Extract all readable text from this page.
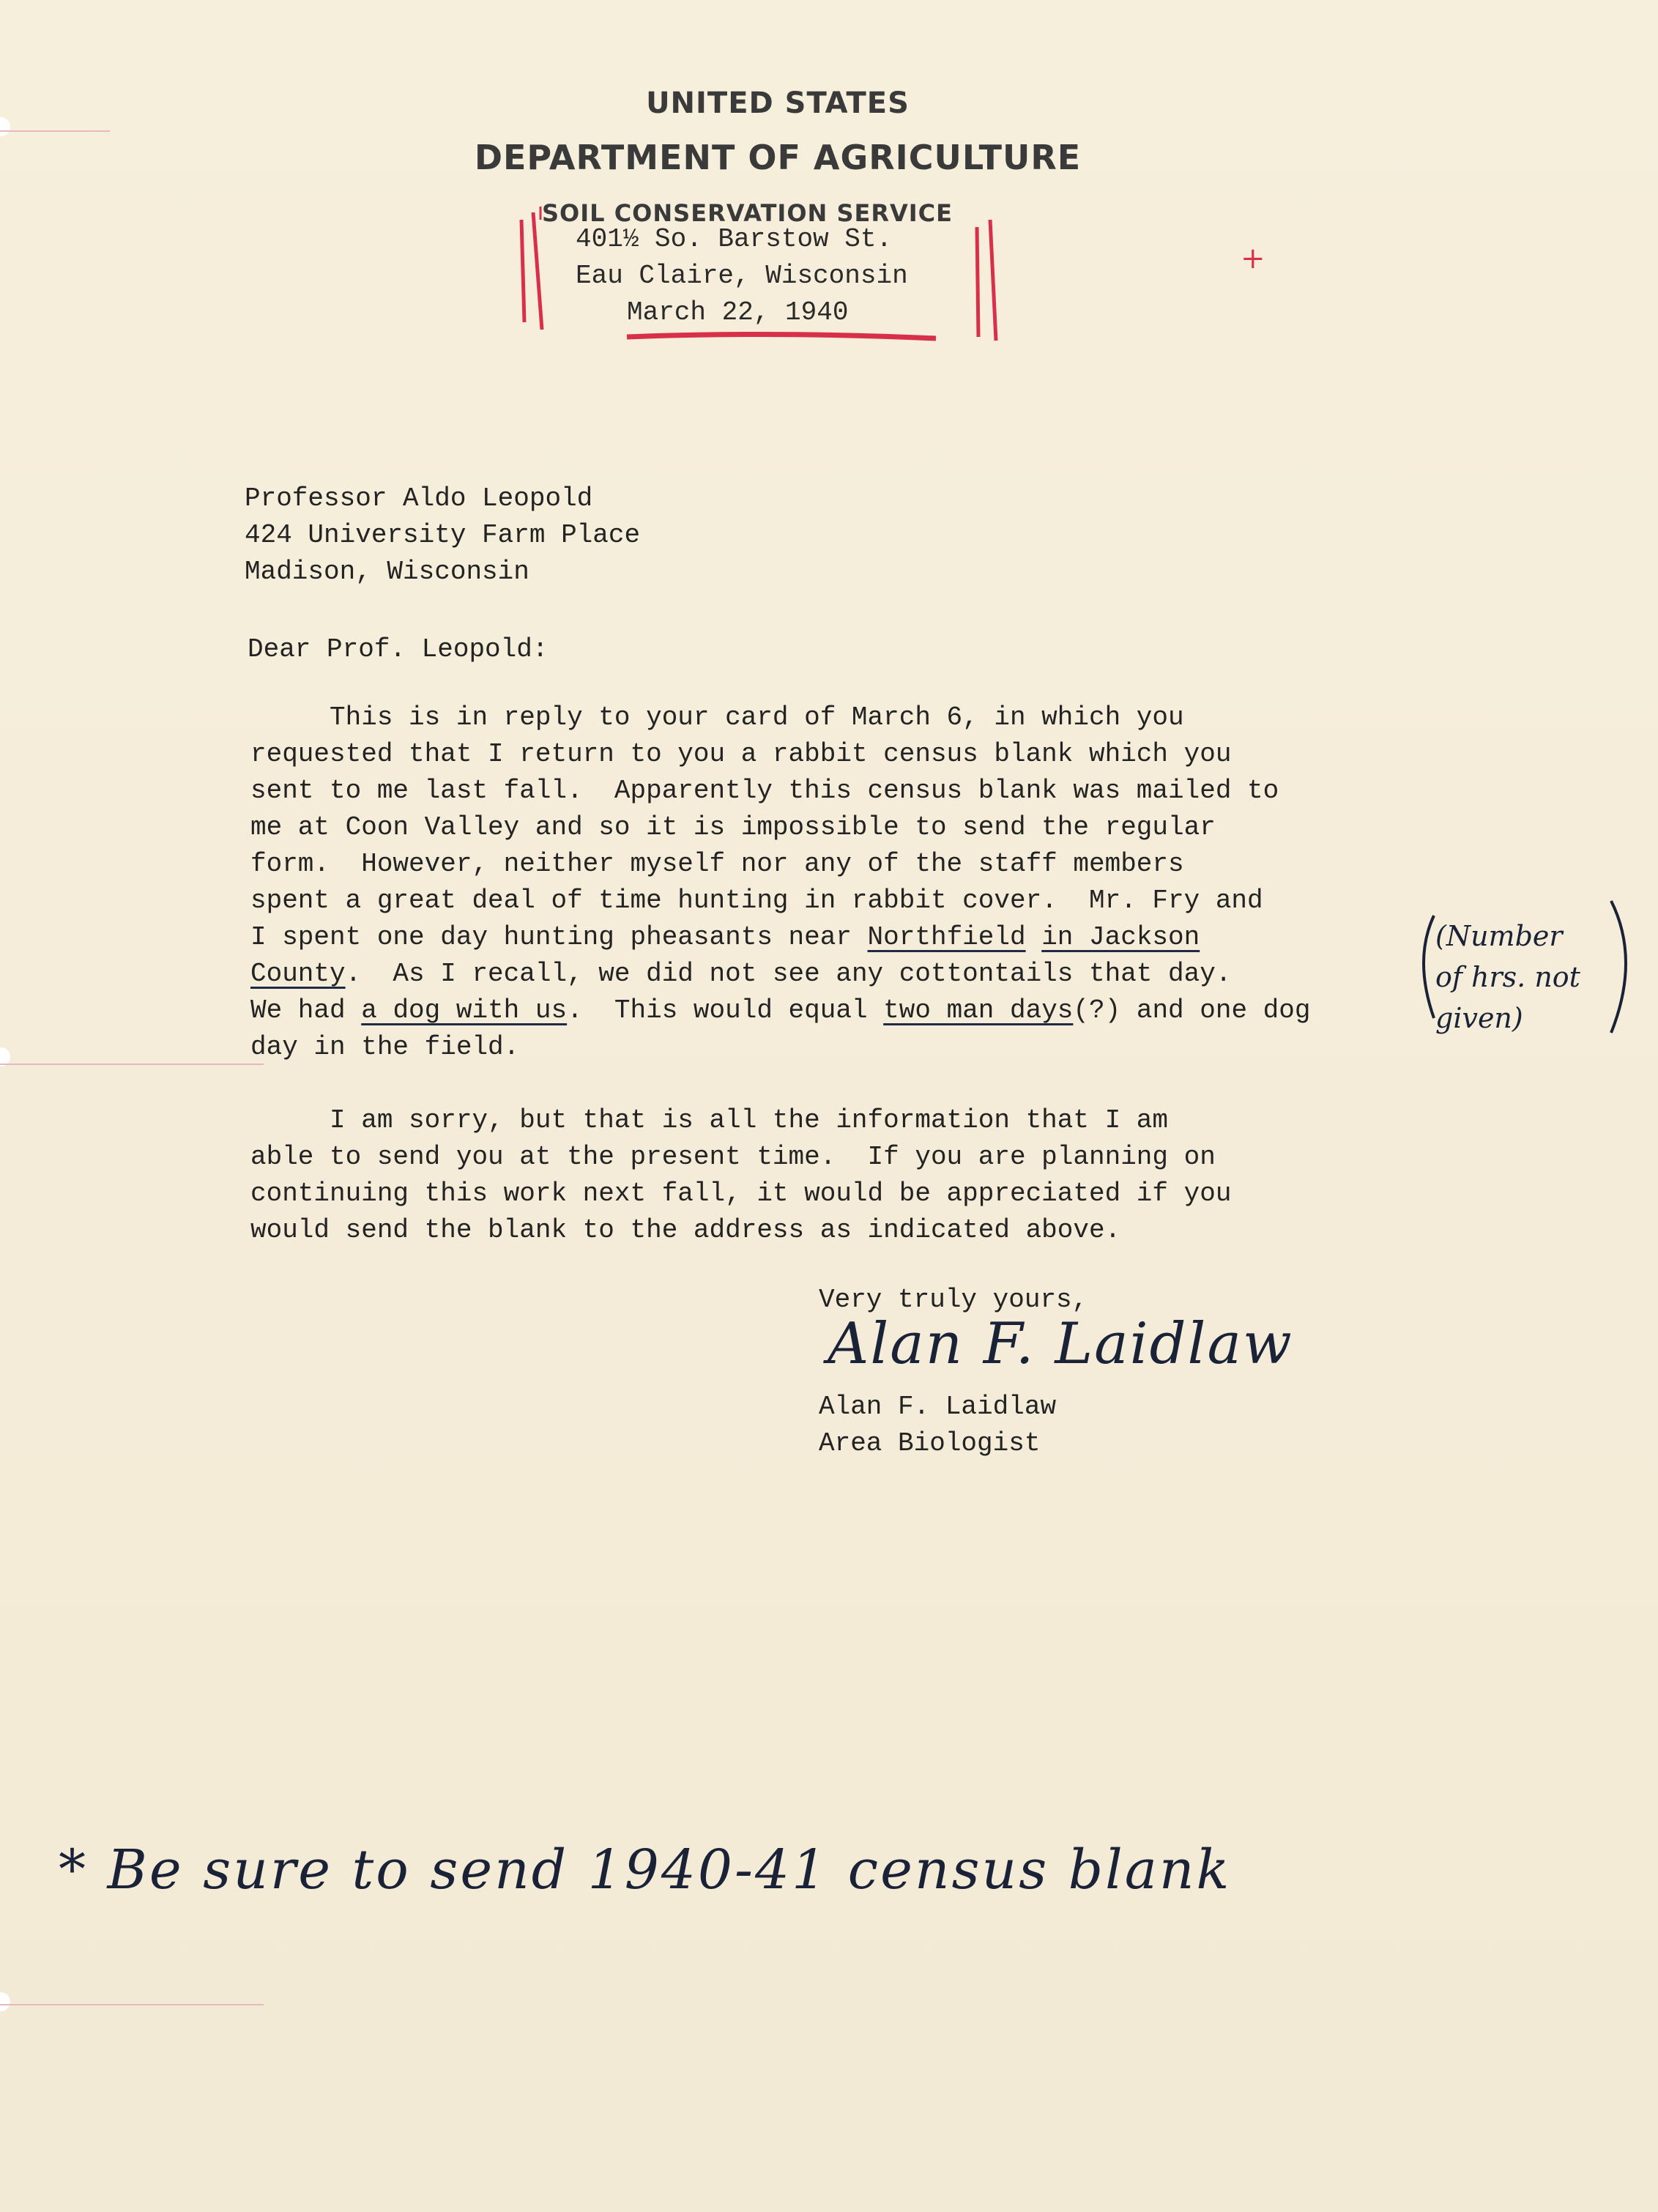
UNITED STATES
DEPARTMENT OF AGRICULTURE
SOIL CONSERVATION SERVICE
401½ So. Barstow St.
Eau Claire, Wisconsin
March 22, 1940
+
Professor Aldo Leopold
424 University Farm Place
Madison, Wisconsin
Dear Prof. Leopold:
This is in reply to your card of March 6, in which you
requested that I return to you a rabbit census blank which you
sent to me last fall.  Apparently this census blank was mailed to
me at Coon Valley and so it is impossible to send the regular
form.  However, neither myself nor any of the staff members
spent a great deal of time hunting in rabbit cover.  Mr. Fry and
I spent one day hunting pheasants near Northfield in Jackson
County.  As I recall, we did not see any cottontails that day.
We had a dog with us.  This would equal two man days(?) and one dog
day in the field.
(Number of hrs. not given)
I am sorry, but that is all the information that I am
able to send you at the present time.  If you are planning on
continuing this work next fall, it would be appreciated if you
would send the blank to the address as indicated above.
Very truly yours,
Alan F. Laidlaw
Alan F. Laidlaw
Area Biologist
* Be sure to send 1940-41 census blank
